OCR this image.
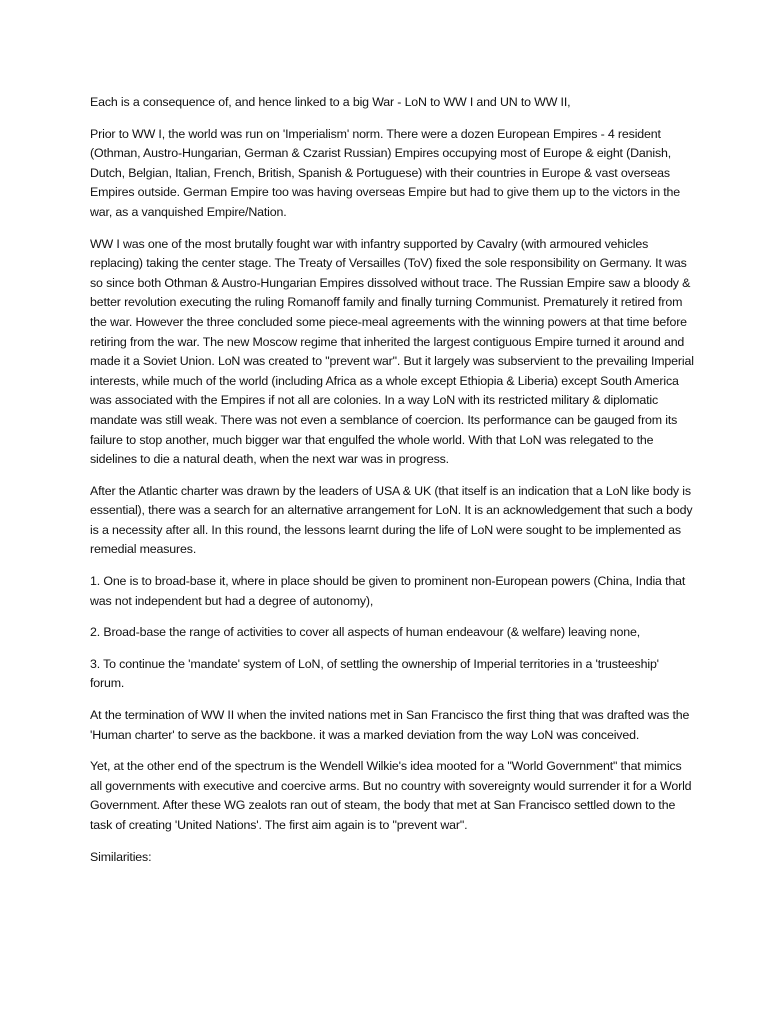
Each is a consequence of, and hence linked to a big War - LoN to WW I and UN to WW II,

Prior to WW I, the world was run on 'Imperialism' norm. There were a dozen European Empires - 4 resident (Othman, Austro-Hungarian, German & Czarist Russian) Empires occupying most of Europe & eight (Danish, Dutch, Belgian, Italian, French, British, Spanish & Portuguese) with their countries in Europe & vast overseas Empires outside. German Empire too was having overseas Empire but had to give them up to the victors in the war, as a vanquished Empire/Nation.

WW I was one of the most brutally fought war with infantry supported by Cavalry (with armoured vehicles replacing) taking the center stage. The Treaty of Versailles (ToV) fixed the sole responsibility on Germany. It was so since both Othman & Austro-Hungarian Empires dissolved without trace. The Russian Empire saw a bloody & better revolution executing the ruling Romanoff family and finally turning Communist. Prematurely it retired from the war. However the three concluded some piece-meal agreements with the winning powers at that time before retiring from the war. The new Moscow regime that inherited the largest contiguous Empire turned it around and made it a Soviet Union. LoN was created to "prevent war". But it largely was subservient to the prevailing Imperial interests, while much of the world (including Africa as a whole except Ethiopia & Liberia) except South America was associated with the Empires if not all are colonies. In a way LoN with its restricted military & diplomatic mandate was still weak. There was not even a semblance of coercion. Its performance can be gauged from its failure to stop another, much bigger war that engulfed the whole world. With that LoN was relegated to the sidelines to die a natural death, when the next war was in progress.

After the Atlantic charter was drawn by the leaders of USA & UK (that itself is an indication that a LoN like body is essential), there was a search for an alternative arrangement for LoN. It is an acknowledgement that such a body is a necessity after all. In this round, the lessons learnt during the life of LoN were sought to be implemented as remedial measures.

1. One is to broad-base it, where in place should be given to prominent non-European powers (China, India that was not independent but had a degree of autonomy),

2. Broad-base the range of activities to cover all aspects of human endeavour (& welfare) leaving none,

3. To continue the 'mandate' system of LoN, of settling the ownership of Imperial territories in a 'trusteeship' forum.

At the termination of WW II when the invited nations met in San Francisco the first thing that was drafted was the 'Human charter' to serve as the backbone. it was a marked deviation from the way LoN was conceived.

Yet, at the other end of the spectrum is the Wendell Wilkie's idea mooted for a "World Government" that mimics all governments with executive and coercive arms. But no country with sovereignty would surrender it for a World Government. After these WG zealots ran out of steam, the body that met at San Francisco settled down to the task of creating 'United Nations'. The first aim again is to "prevent war".

Similarities:
